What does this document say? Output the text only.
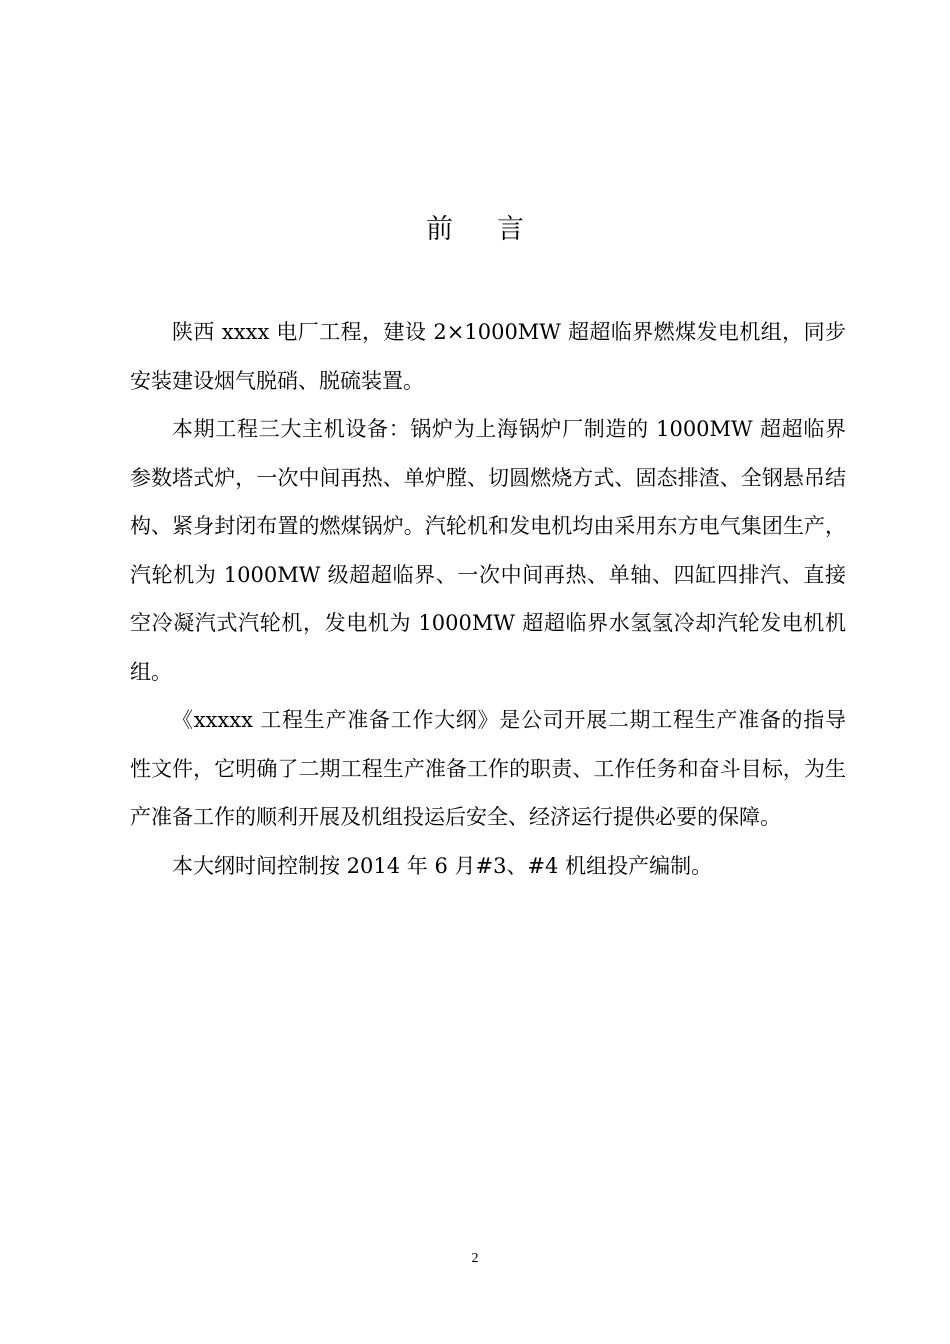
前言

陕西 xxxx 电厂工程，建设 2×1000MW 超超临界燃煤发电机组，同步安装建设烟气脱硝、脱硫装置。

本期工程三大主机设备：锅炉为上海锅炉厂制造的 1000MW 超超临界参数塔式炉，一次中间再热、单炉膛、切圆燃烧方式、固态排渣、全钢悬吊结构、紧身封闭布置的燃煤锅炉。汽轮机和发电机均由采用东方电气集团生产，汽轮机为 1000MW 级超超临界、一次中间再热、单轴、四缸四排汽、直接空冷凝汽式汽轮机，发电机为 1000MW 超超临界水氢氢冷却汽轮发电机机组。

《xxxxx 工程生产准备工作大纲》是公司开展二期工程生产准备的指导性文件，它明确了二期工程生产准备工作的职责、工作任务和奋斗目标，为生产准备工作的顺利开展及机组投运后安全、经济运行提供必要的保障。

本大纲时间控制按 2014 年 6 月#3、#4 机组投产编制。

2
